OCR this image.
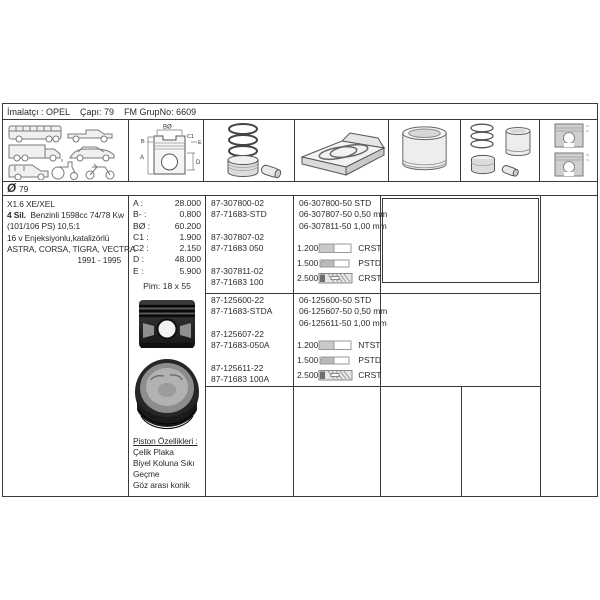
İmalatçı : OPEL Çapı: 79 FM GrupNo: 6609
BØ
B
A
C1
E
D
Ø 79
X1.6 XE/XEL
4 Sil. Benzinli 1598cc 74/78 Kw
(101/106 PS) 10,5:1
16 v Enjeksiyonlu,katalizörlü
ASTRA, CORSA, TİGRA, VECTRA
1991 - 1995
A :	28.000
B- :	0.800
BØ :	60.200
C1 :	1.900
C2 :	2.150
D :	48.000
E :	5.900
Pim: 18 x 55
Piston Özellikleri :
Çelik Plaka
Biyel Koluna Sıkı
Geçme
Göz arası konik
87-307800-02
87-71683-STD
87-307807-02
87-71683 050
87-307811-02
87-71683 100
87-125600-22
87-71683-STDA
87-125607-22
87-71683-050A
87-125611-22
87-71683 100A
06-307800-50 STD
06-307807-50 0,50 mm
06-307811-50 1,00 mm
1.200	CR ST
1.500	P STD
2.500	CR ST
06-125600-50 STD
06-125607-50 0,50 mm
06-125611-50 1,00 mm
1.200	NT ST
1.500	P STD
2.500	CR ST
